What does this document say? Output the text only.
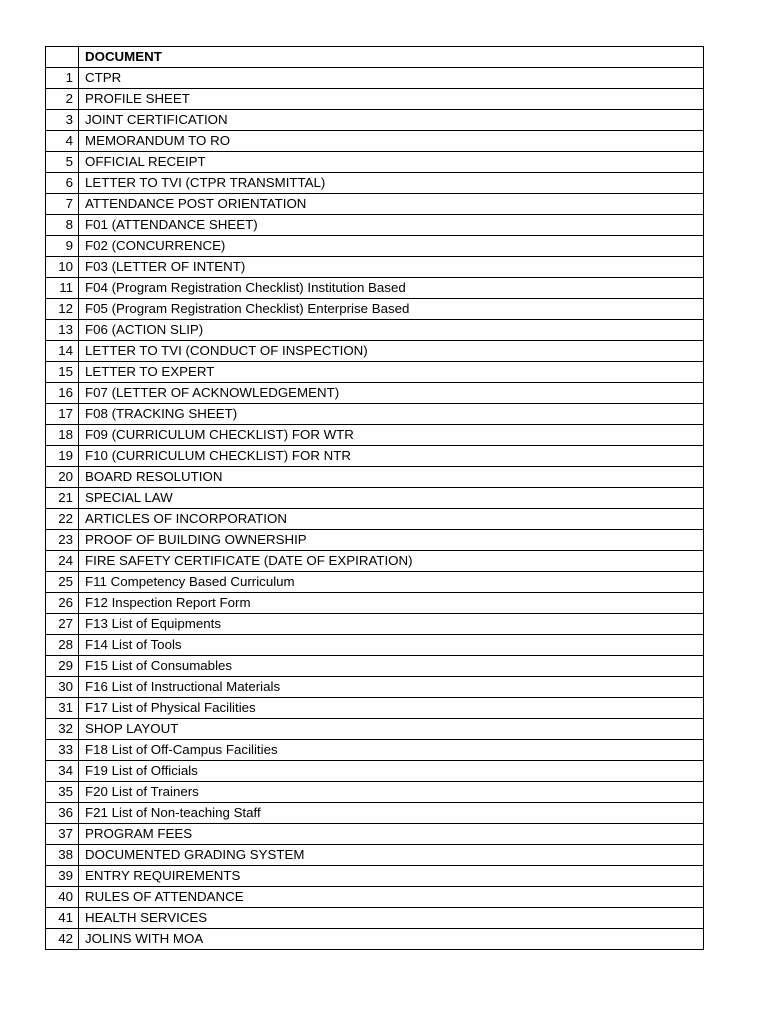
	DOCUMENT
1	CTPR
2	PROFILE SHEET
3	JOINT CERTIFICATION
4	MEMORANDUM TO RO
5	OFFICIAL RECEIPT
6	LETTER TO TVI (CTPR TRANSMITTAL)
7	ATTENDANCE POST ORIENTATION
8	F01 (ATTENDANCE SHEET)
9	F02 (CONCURRENCE)
10	F03 (LETTER OF INTENT)
11	F04 (Program Registration Checklist) Institution Based
12	F05 (Program Registration Checklist) Enterprise Based
13	F06 (ACTION SLIP)
14	LETTER TO TVI (CONDUCT OF INSPECTION)
15	LETTER TO EXPERT
16	F07 (LETTER OF ACKNOWLEDGEMENT)
17	F08 (TRACKING SHEET)
18	F09 (CURRICULUM CHECKLIST) FOR WTR
19	F10 (CURRICULUM CHECKLIST) FOR NTR
20	BOARD RESOLUTION
21	SPECIAL LAW
22	ARTICLES OF INCORPORATION
23	PROOF OF BUILDING OWNERSHIP
24	FIRE SAFETY CERTIFICATE (DATE OF EXPIRATION)
25	F11 Competency Based Curriculum
26	F12 Inspection Report Form
27	F13 List of Equipments
28	F14 List of Tools
29	F15 List of Consumables
30	F16 List of Instructional Materials
31	F17 List of Physical Facilities
32	SHOP LAYOUT
33	F18 List of Off-Campus Facilities
34	F19 List of Officials
35	F20 List of Trainers
36	F21 List of Non-teaching Staff
37	PROGRAM FEES
38	DOCUMENTED GRADING SYSTEM
39	ENTRY REQUIREMENTS
40	RULES OF ATTENDANCE
41	HEALTH SERVICES
42	JOLINS WITH MOA
